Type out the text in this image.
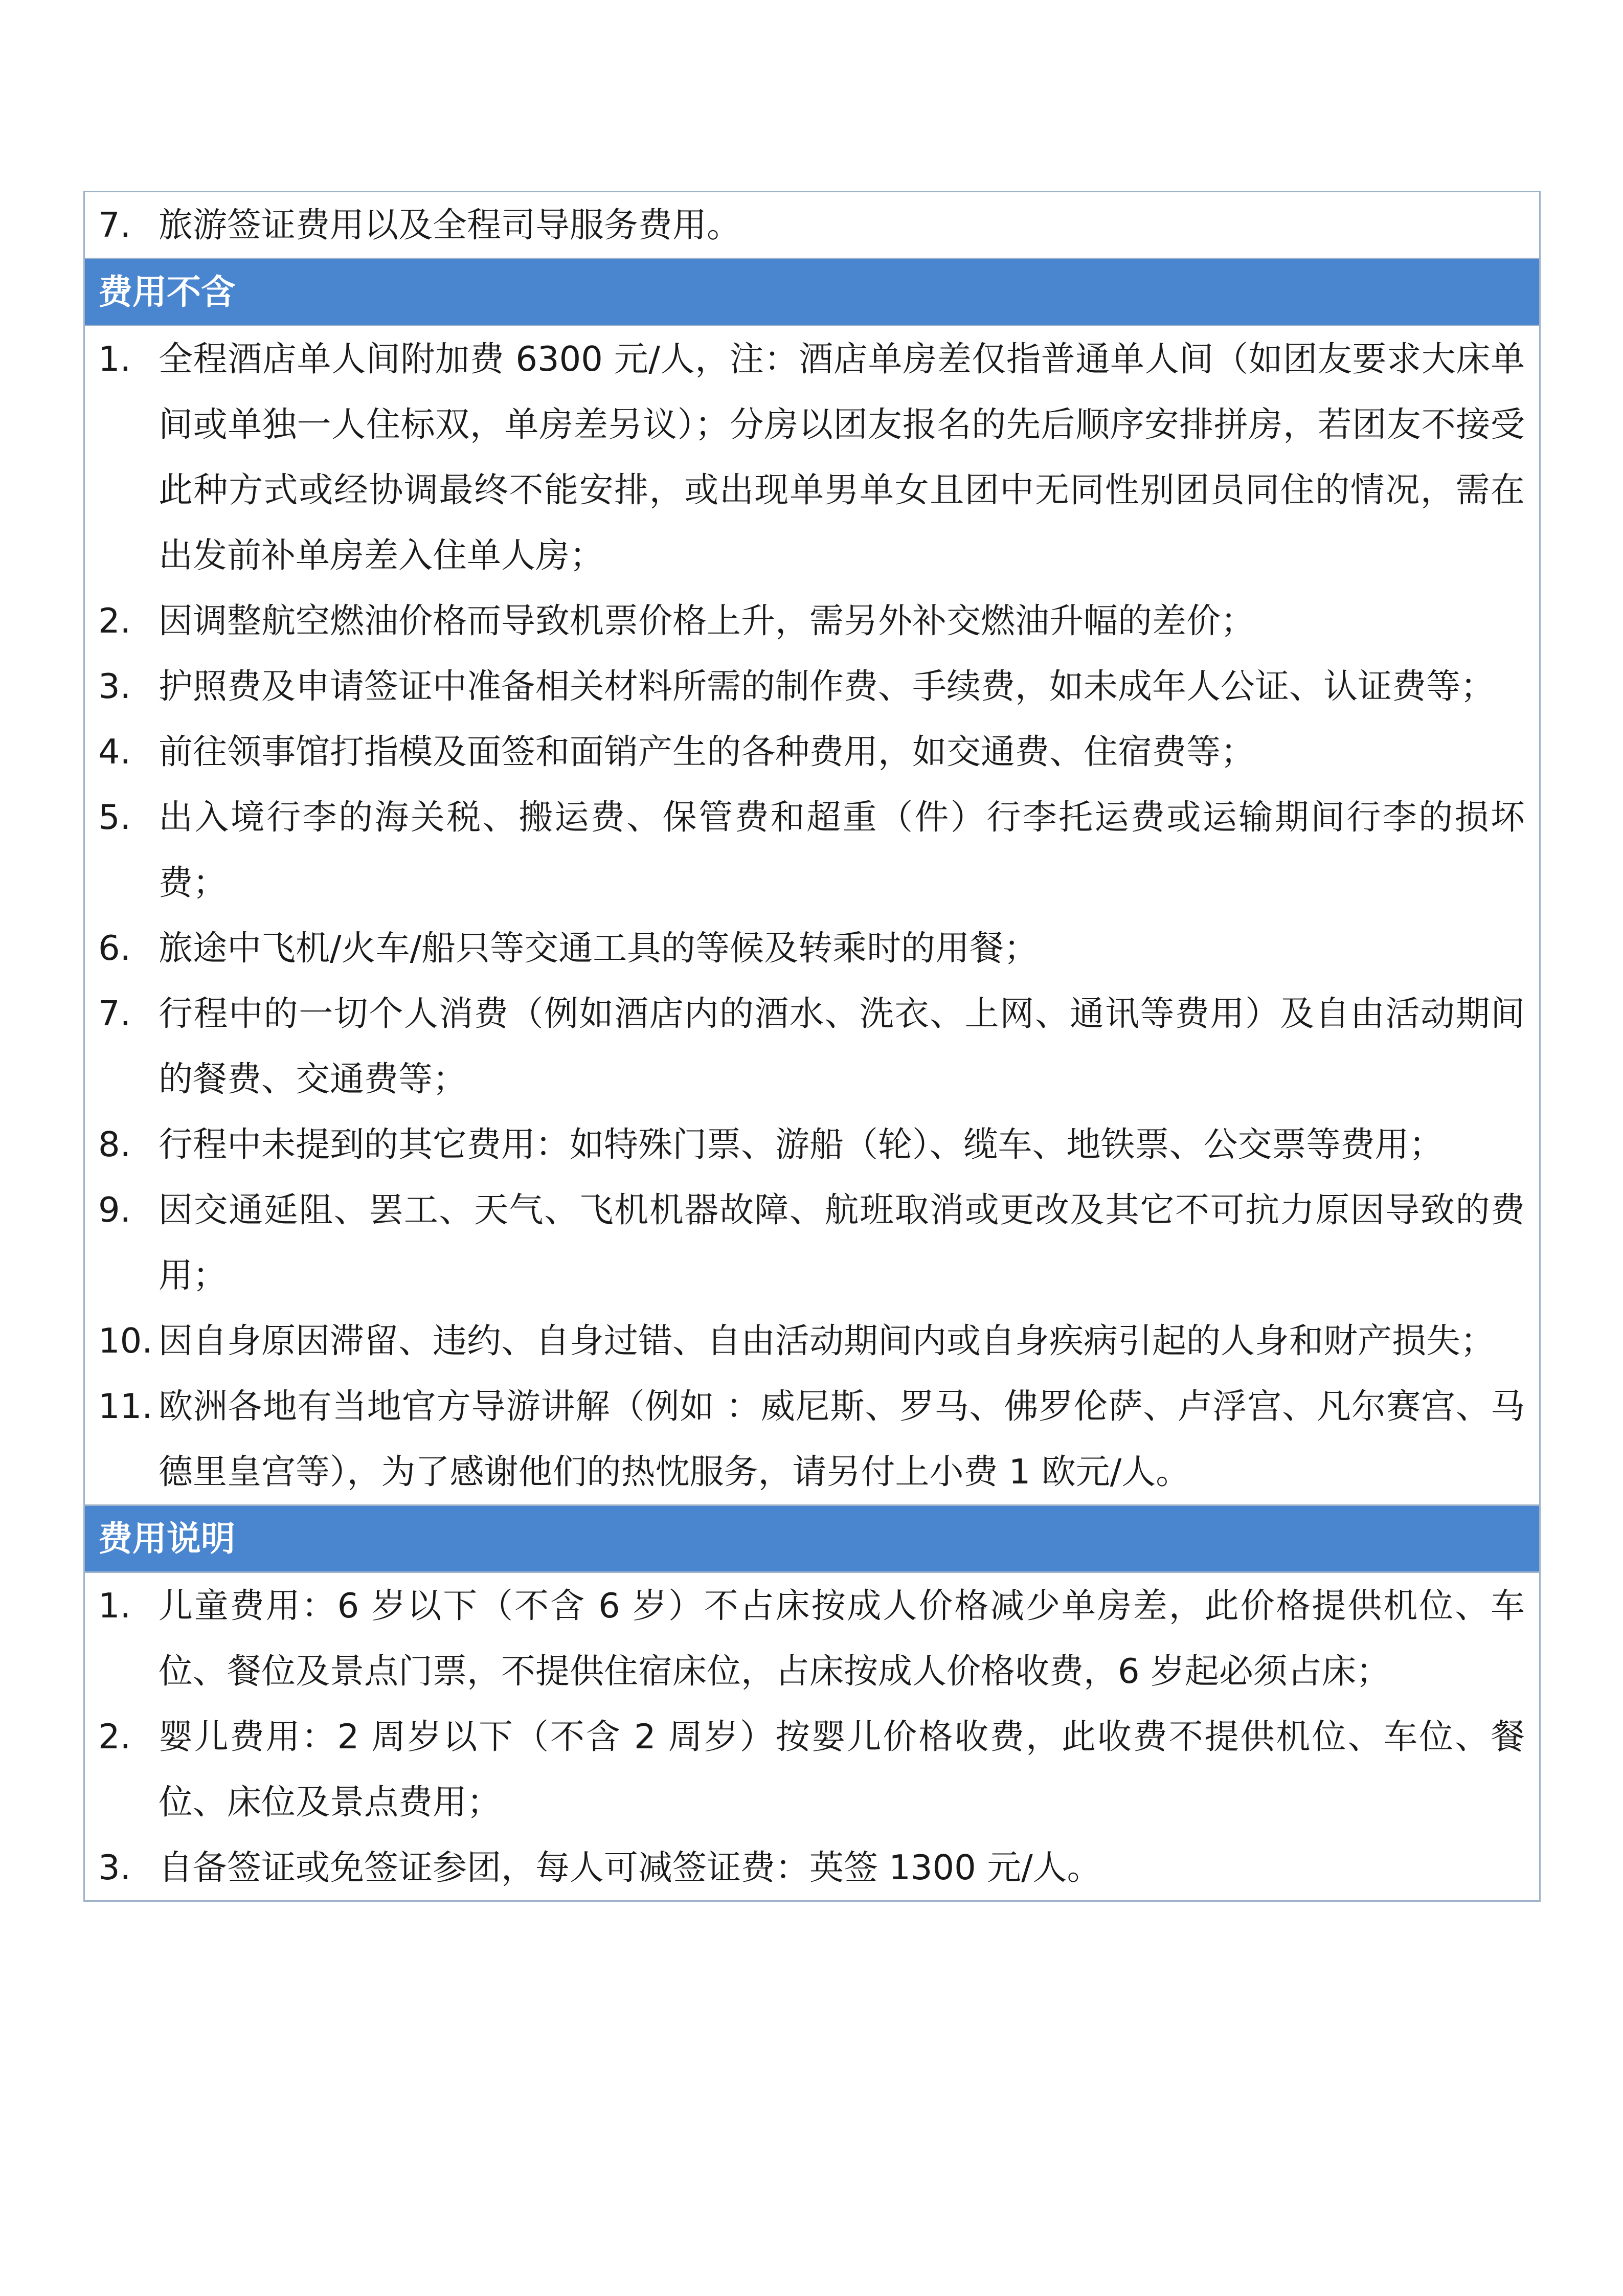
7. 旅游签证费用以及全程司导服务费用。
费用不含
1. 全程酒店单人间附加费 6300 元/人，注：酒店单房差仅指普通单人间（如团友要求大床单间或单独一人住标双，单房差另议）；分房以团友报名的先后顺序安排拼房，若团友不接受此种方式或经协调最终不能安排，或出现单男单女且团中无同性别团员同住的情况，需在出发前补单房差入住单人房；
2. 因调整航空燃油价格而导致机票价格上升，需另外补交燃油升幅的差价；
3. 护照费及申请签证中准备相关材料所需的制作费、手续费，如未成年人公证、认证费等；
4. 前往领事馆打指模及面签和面销产生的各种费用，如交通费、住宿费等；
5. 出入境行李的海关税、搬运费、保管费和超重（件）行李托运费或运输期间行李的损坏费；
6. 旅途中飞机/火车/船只等交通工具的等候及转乘时的用餐；
7. 行程中的一切个人消费（例如酒店内的酒水、洗衣、上网、通讯等费用）及自由活动期间的餐费、交通费等；
8. 行程中未提到的其它费用：如特殊门票、游船（轮）、缆车、地铁票、公交票等费用；
9. 因交通延阻、罢工、天气、飞机机器故障、航班取消或更改及其它不可抗力原因导致的费用；
10. 因自身原因滞留、违约、自身过错、自由活动期间内或自身疾病引起的人身和财产损失；
11. 欧洲各地有当地官方导游讲解（例如 ：威尼斯、罗马、佛罗伦萨、卢浮宫、凡尔赛宫、马德里皇宫等），为了感谢他们的热忱服务，请另付上小费 1 欧元/人。
费用说明
1. 儿童费用：6 岁以下（不含 6 岁）不占床按成人价格减少单房差，此价格提供机位、车位、餐位及景点门票，不提供住宿床位，占床按成人价格收费，6 岁起必须占床；
2. 婴儿费用：2 周岁以下（不含 2 周岁）按婴儿价格收费，此收费不提供机位、车位、餐位、床位及景点费用；
3. 自备签证或免签证参团，每人可减签证费：英签 1300 元/人。
